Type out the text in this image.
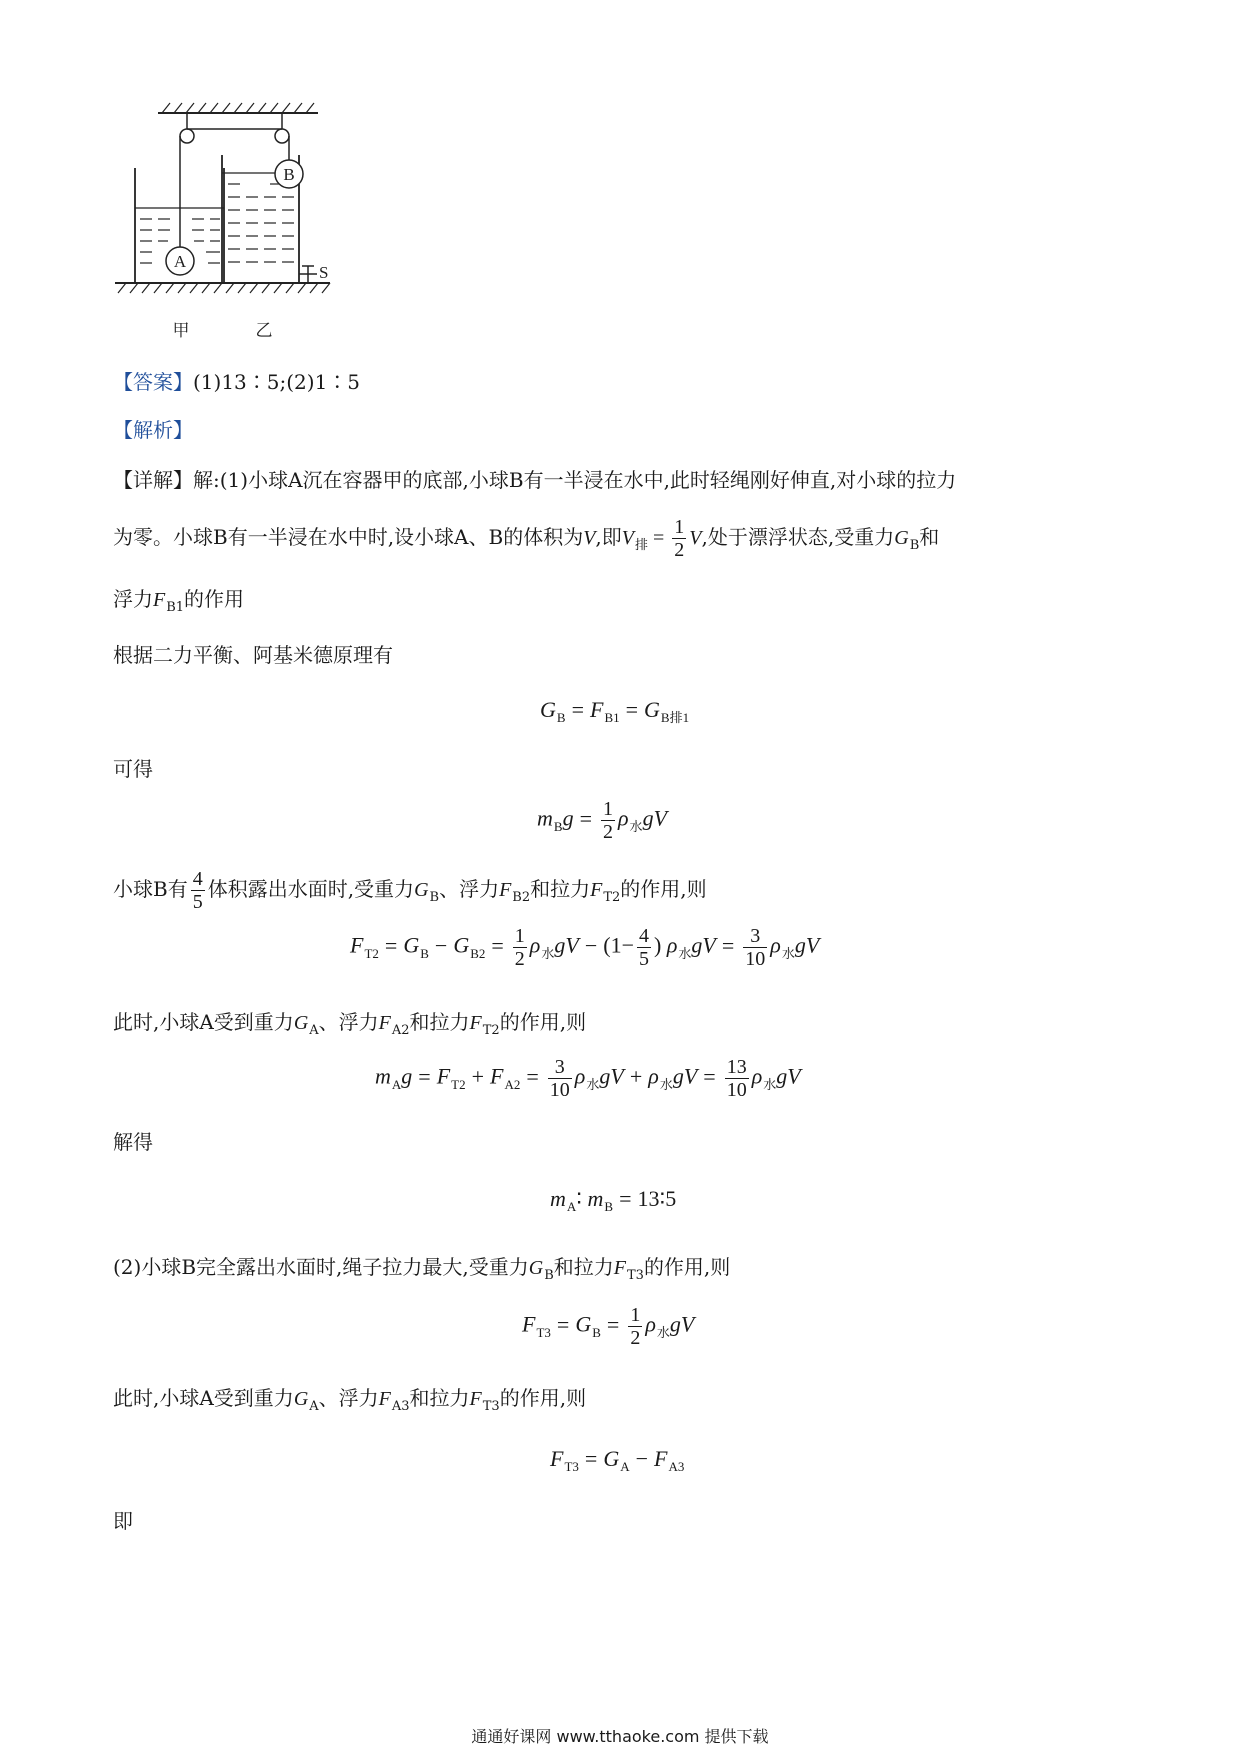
A
B
S
甲	乙
【答案】(1)13∶5;(2)1∶5
【解析】
【详解】解:(1)小球A沉在容器甲的底部,小球B有一半浸在水中,此时轻绳刚好伸直,对小球的拉力
为零。小球B有一半浸在水中时,设小球A、B的体积为V,即$V_排 = \frac{1}{2} V$,处于漂浮状态,受重力$G_B$和
浮力$F_{B1}$的作用
根据二力平衡、阿基米德原理有
$G_B = F_{B1} = G_{B排1}$
可得
$m_Bg = \frac{1}{2} \rho_水gV$
小球B有 $\frac{4}{5}$ 体积露出水面时,受重力$G_B$、浮力$F_{B2}$和拉力$F_{T2}$的作用,则
$F_{T2} = G_B - G_{B2} = \frac{1}{2} \rho_水gV - (1- \frac{4}{5}$ ) $\rho_水gV = \frac{3}{10} \rho_水gV$
此时,小球A受到重力$G_A$、浮力$F_{A2}$和拉力$F_{T2}$的作用,则
$m_Ag = F_{T2} + F_{A2} = \frac{3}{10} \rho_水gV + \rho_水gV = \frac{13}{10} \rho_水gV$
解得
$m_A∶$ $m_B$ = 13∶5
(2)小球B完全露出水面时,绳子拉力最大,受重力$G_B$和拉力$F_{T3}$的作用,则
$F_{T3} = G_B = \frac{1}{2} \rho_水gV$
此时,小球A受到重力$G_A$、浮力$F_{A3}$和拉力$F_{T3}$的作用,则
$F_{T3} = G_A - F_{A3}$
即
通通好课网 www.tthaoke.com 提供下载
